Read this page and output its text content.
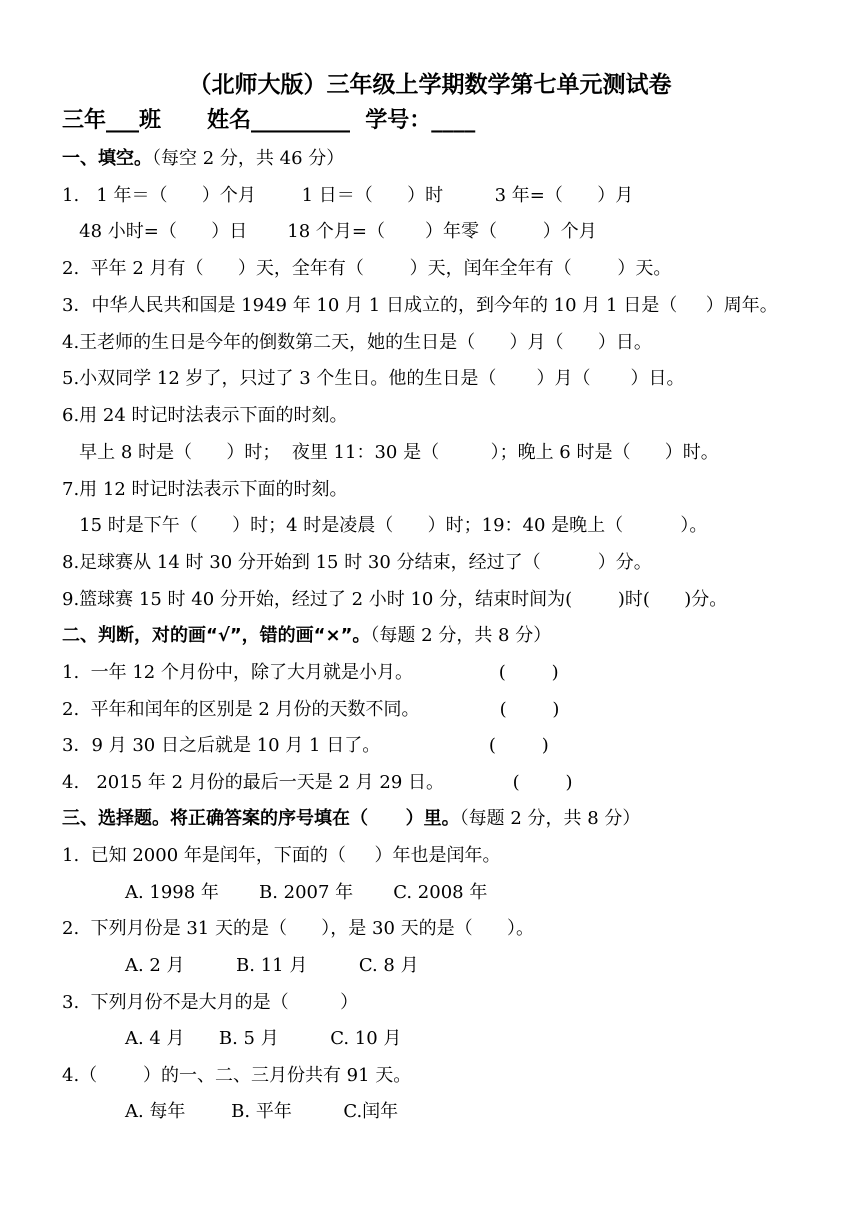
（北师大版）三年级上学期数学第七单元测试卷
三年___班      姓名_________  学号：____
一、填空。（每空 2 分，共 46 分）
1.   1 年＝（      ）个月        1 日＝（      ）时         3 年=（      ）月
48 小时=（      ）日       18 个月=（       ）年零（        ）个月
2.  平年 2 月有（      ）天，全年有（        ）天，闰年全年有（        ）天。
3．中华人民共和国是 1949 年 10 月 1 日成立的，到今年的 10 月 1 日是（     ）周年。
4.王老师的生日是今年的倒数第二天，她的生日是（      ）月（      ）日。
5.小双同学 12 岁了，只过了 3 个生日。他的生日是（       ）月（       ）日。
6.用 24 时记时法表示下面的时刻。
早上 8 时是（      ）时；  夜里 11：30 是（         ）；晚上 6 时是（      ）时。
7.用 12 时记时法表示下面的时刻。
15 时是下午（      ）时；4 时是凌晨（      ）时；19：40 是晚上（          ）。
8.足球赛从 14 时 30 分开始到 15 时 30 分结束，经过了（          ）分。
9.篮球赛 15 时 40 分开始，经过了 2 小时 10 分，结束时间为(        )时(      )分。
二、判断，对的画“√”，错的画“×”。（每题 2 分，共 8 分）
1.  一年 12 个月份中，除了大月就是小月。               (        )
2.  平年和闰年的区别是 2 月份的天数不同。              (        )
3．9 月 30 日之后就是 10 月 1 日了。                   (        )
4.   2015 年 2 月份的最后一天是 2 月 29 日。            (        )
三、选择题。将正确答案的序号填在（      ）里。（每题 2 分，共 8 分）
1.  已知 2000 年是闰年，下面的（     ）年也是闰年。
A. 1998 年       B. 2007 年       C. 2008 年
2.  下列月份是 31 天的是（      ），是 30 天的是（      ）。
A. 2 月         B. 11 月         C. 8 月
3.  下列月份不是大月的是（         ）
A. 4 月      B. 5 月         C. 10 月
4.（        ）的一、二、三月份共有 91 天。
A. 每年        B. 平年         C.闰年
